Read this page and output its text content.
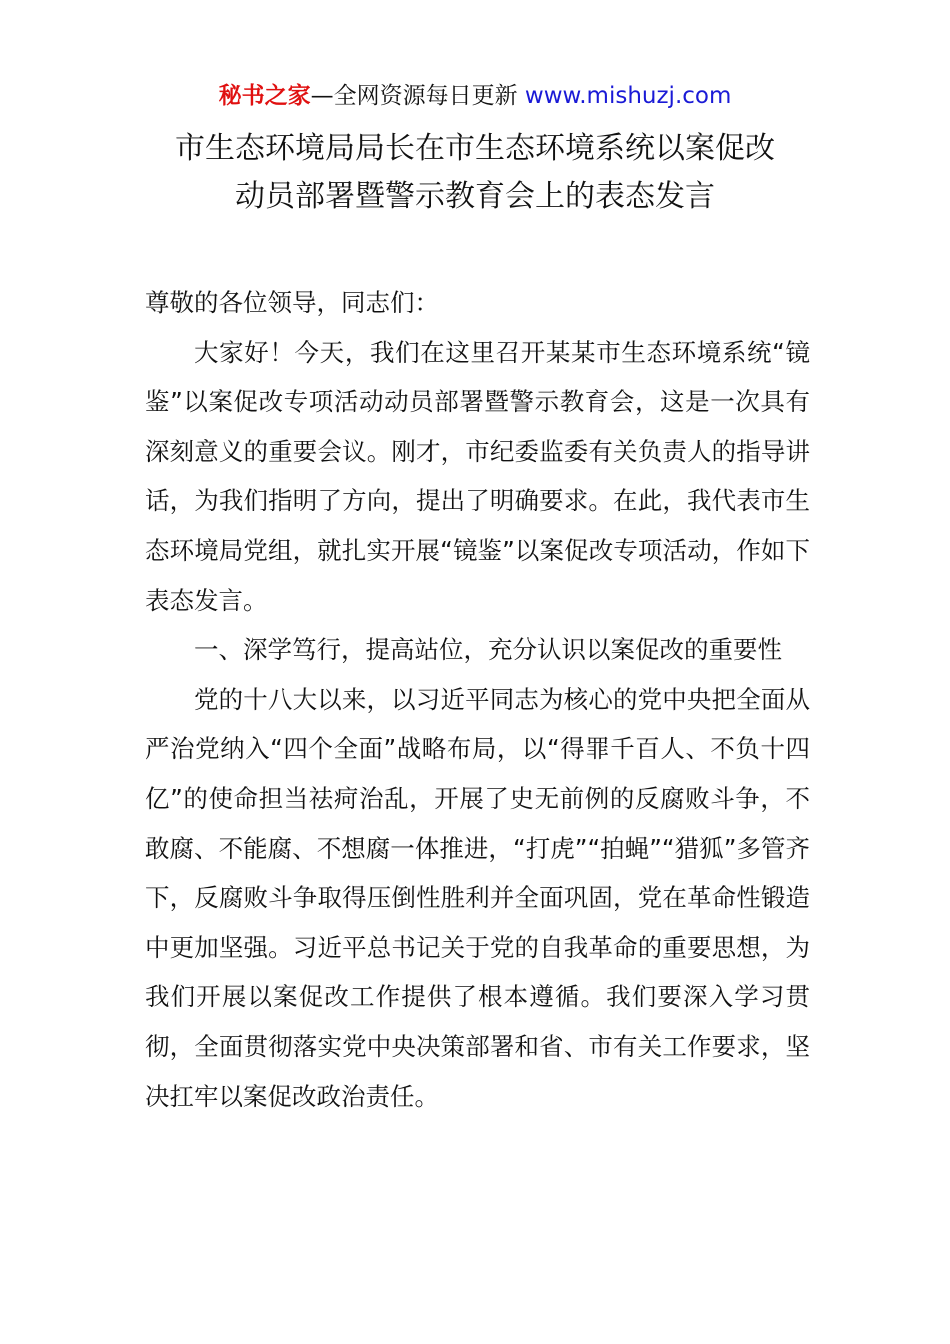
秘书之家—全网资源每日更新 www.mishuzj.com
市生态环境局局长在市生态环境系统以案促改
动员部署暨警示教育会上的表态发言

尊敬的各位领导，同志们：

大家好！今天，我们在这里召开某某市生态环境系统“镜鉴”以案促改专项活动动员部署暨警示教育会，这是一次具有深刻意义的重要会议。刚才，市纪委监委有关负责人的指导讲话，为我们指明了方向，提出了明确要求。在此，我代表市生态环境局党组，就扎实开展“镜鉴”以案促改专项活动，作如下表态发言。

一、深学笃行，提高站位，充分认识以案促改的重要性

党的十八大以来，以习近平同志为核心的党中央把全面从严治党纳入“四个全面”战略布局，以“得罪千百人、不负十四亿”的使命担当祛疴治乱，开展了史无前例的反腐败斗争，不敢腐、不能腐、不想腐一体推进，“打虎”“拍蝇”“猎狐”多管齐下，反腐败斗争取得压倒性胜利并全面巩固，党在革命性锻造中更加坚强。习近平总书记关于党的自我革命的重要思想，为我们开展以案促改工作提供了根本遵循。我们要深入学习贯彻，全面贯彻落实党中央决策部署和省、市有关工作要求，坚决扛牢以案促改政治责任。
